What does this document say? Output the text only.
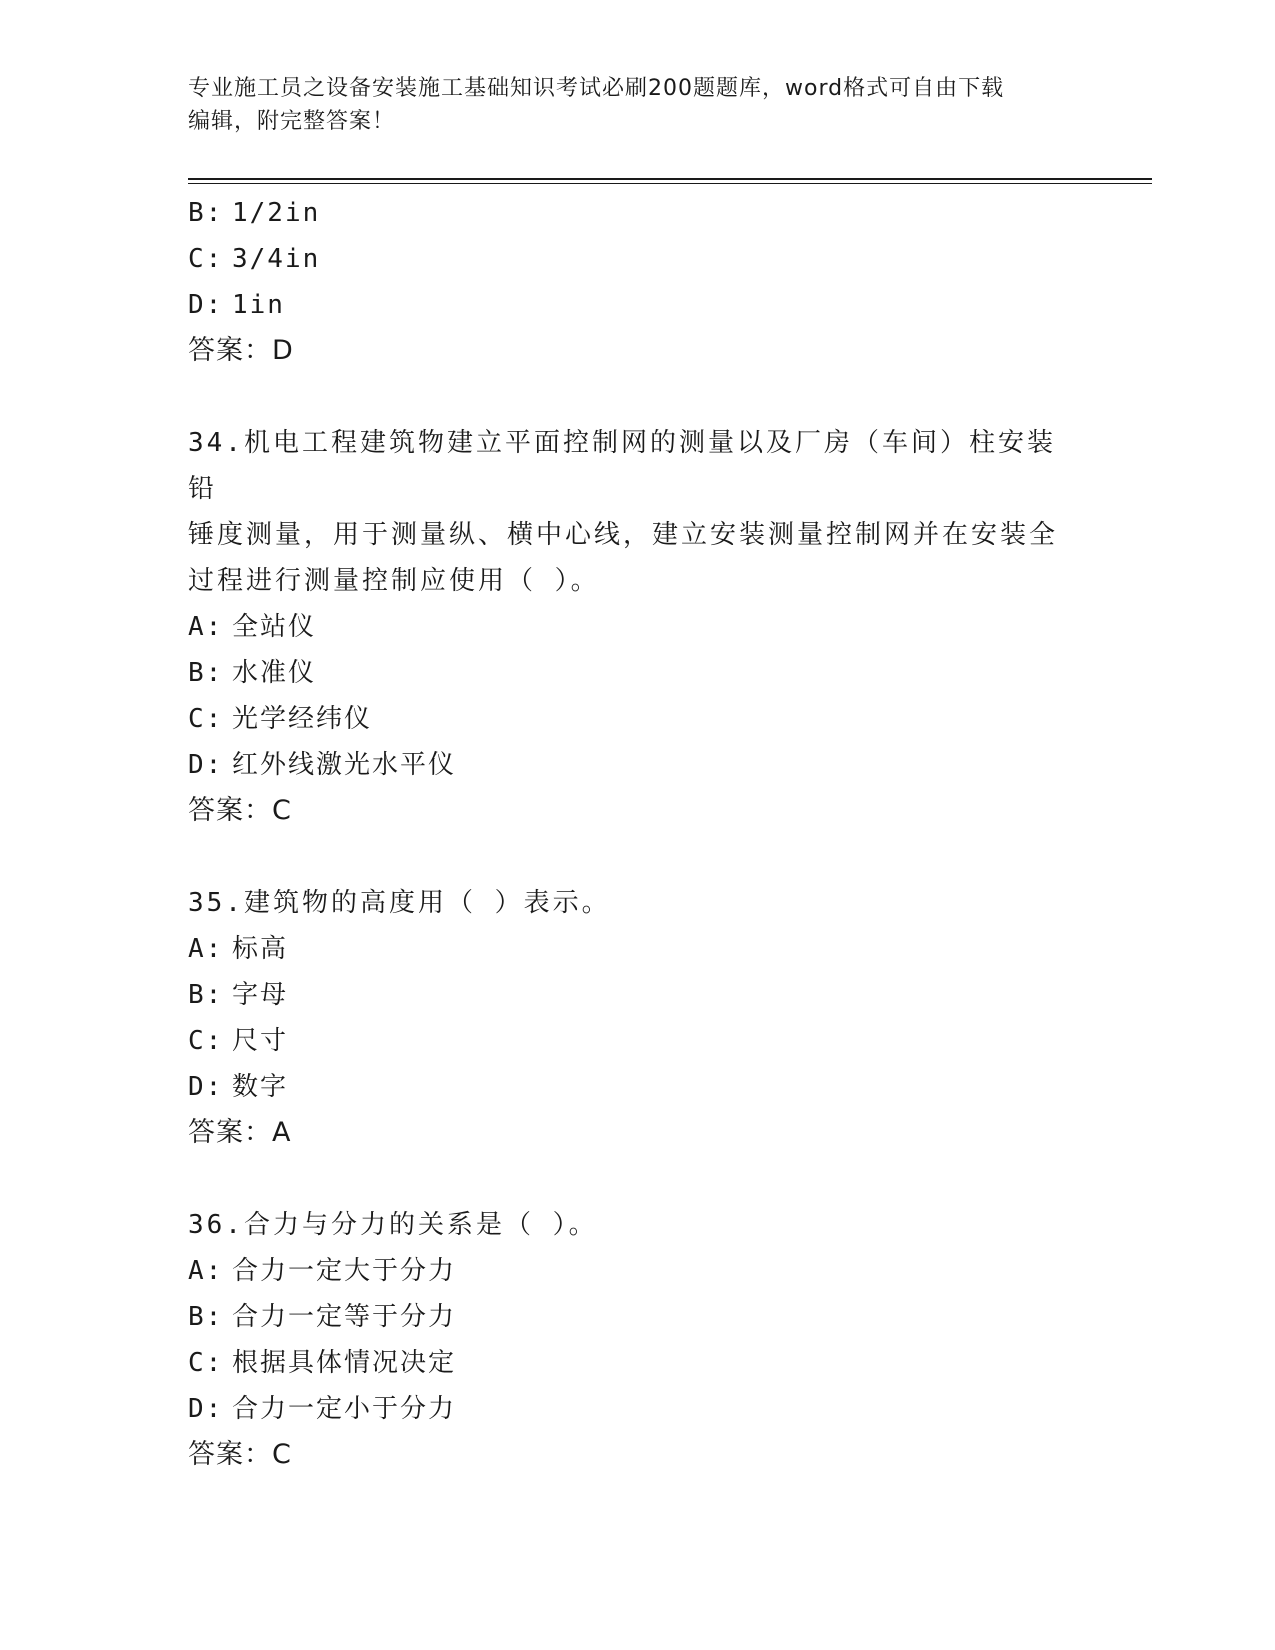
专业施工员之设备安装施工基础知识考试必刷200题题库，word格式可自由下载
编辑，附完整答案！
B: 1/2in
C: 3/4in
D: 1in
答案：D
34.机电工程建筑物建立平面控制网的测量以及厂房（车间）柱安装铅
锤度测量，用于测量纵、横中心线，建立安装测量控制网并在安装全
过程进行测量控制应使用（ ）。
A: 全站仪
B: 水准仪
C: 光学经纬仪
D: 红外线激光水平仪
答案：C
35.建筑物的高度用（ ）表示。
A: 标高
B: 字母
C: 尺寸
D: 数字
答案：A
36.合力与分力的关系是（ ）。
A: 合力一定大于分力
B: 合力一定等于分力
C: 根据具体情况决定
D: 合力一定小于分力
答案：C
